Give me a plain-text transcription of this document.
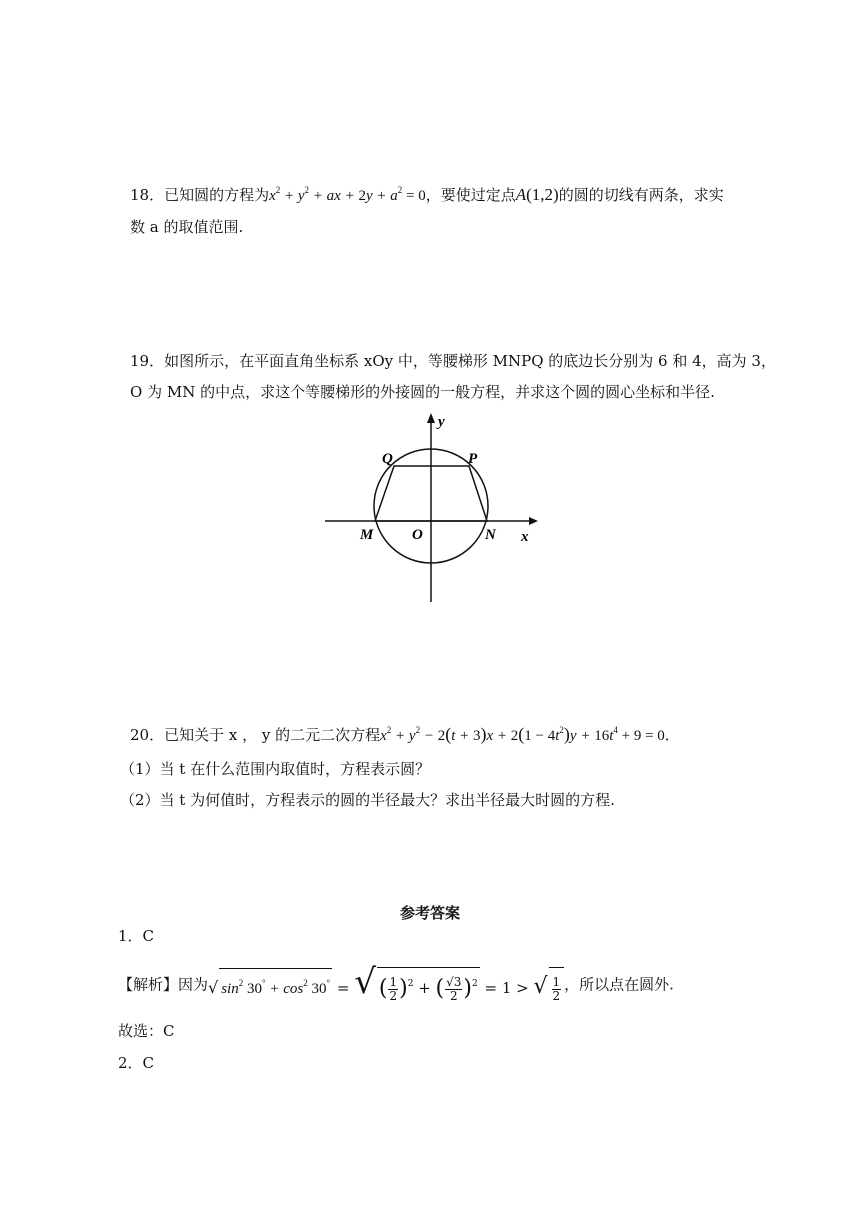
18．已知圆的方程为$x^2 + y^2$ + ax + $2y + a^2 = 0$，要使过定点A(1,2)的圆的切线有两条，求实
数 a 的取值范围.
19．如图所示，在平面直角坐标系 xOy 中，等腰梯形 MNPQ 的底边长分别为 6 和 4，高为 3，
O 为 MN 的中点，求这个等腰梯形的外接圆的一般方程，并求这个圆的圆心坐标和半径.
y
Q	P
M	O	N x
20．已知关于 x ， y 的二元二次方程$x^2 + y^2 - 2(t + 3)x + 2(1 - 4t^2)y + 16t^4 + 9 = 0$．
（1）当 t 在什么范围内取值时，方程表示圆？
（2）当 t 为何值时，方程表示的圆的半径最大？求出半径最大时圆的方程.
参考答案
1．C
【解析】因为√ $\sin^2 30^\circ + \cos^2 30^\circ$ = √ ( $\frac{1}{2} )^2$ + ( $\frac{√3}{2} )^2 = 1$ > √ $\frac{1}{2}$ ，所以点在圆外.
故选：C
2．C
